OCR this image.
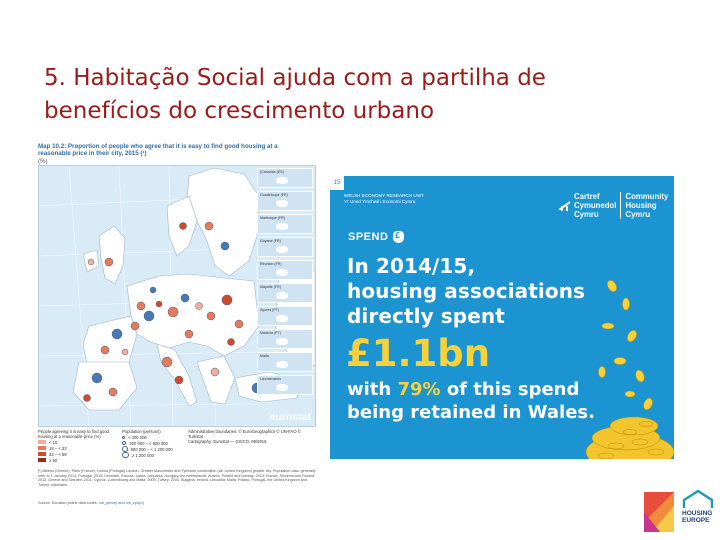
5. Habitação Social ajuda com a partilha de
benefícios do crescimento urbano
Map 10.2: Proportion of people who agree that it is easy to find good housing at a reasonable price in their city, 2015 (¹)
(%)
(Canarias (ES)
Guadeloupe (FR)
Martinique (FR)
Guyane (FR)
Réunion (FR)
Mayotte (FR)
Açores (PT)
Madeira (PT)
Malta
Liechtenstein
eurostat
People agreeing it is easy to find good housing at a reasonable price (%)
< 10
19 – < 33
33 – < 50
≥ 50
Population (persons)
< 300 000
300 000 – < 600 000
600 000 – < 1 200 000
≥ 1 200 000
Administrative boundaries: © EuroGeographics © UN-FAO © Turkstat
Cartography: Eurostat — GISCO, 09/2016
(¹) Athens (Greece), Paris (France), Lisboa (Portugal) London, Greater Manchester and Tyneside conurbation (all: United Kingdom) greater city. Population data: generally refer to 1 January 2014. Portugal, 2015; Denmark, Estonia, Latvia, Lithuania, Hungary, the Netherlands, Austria, Poland and Norway: 2013; France, Slovenia and Finland: 2012; Greece and Sweden: 2011; Cyprus, Luxembourg and Malta: 2009; Turkey: 2004. Bulgaria, Ireland, Lithuania, Malta, Poland, Portugal, the United Kingdom and Turkey: estimates.
Source: Eurostat (online data codes: urb_percep and urb_cpop1)
15
WELSH ECONOMY RESEARCH UNIT
Yr Uned Ymchwil i Economi Cymru
Cartref
Cymunedol
Cymru
Community
Housing
Cymru
SPEND
£
In 2014/15,
housing associations
directly spent
£1.1bn
with 79% of this spend
being retained in Wales.
HOUSING
EUROPE
